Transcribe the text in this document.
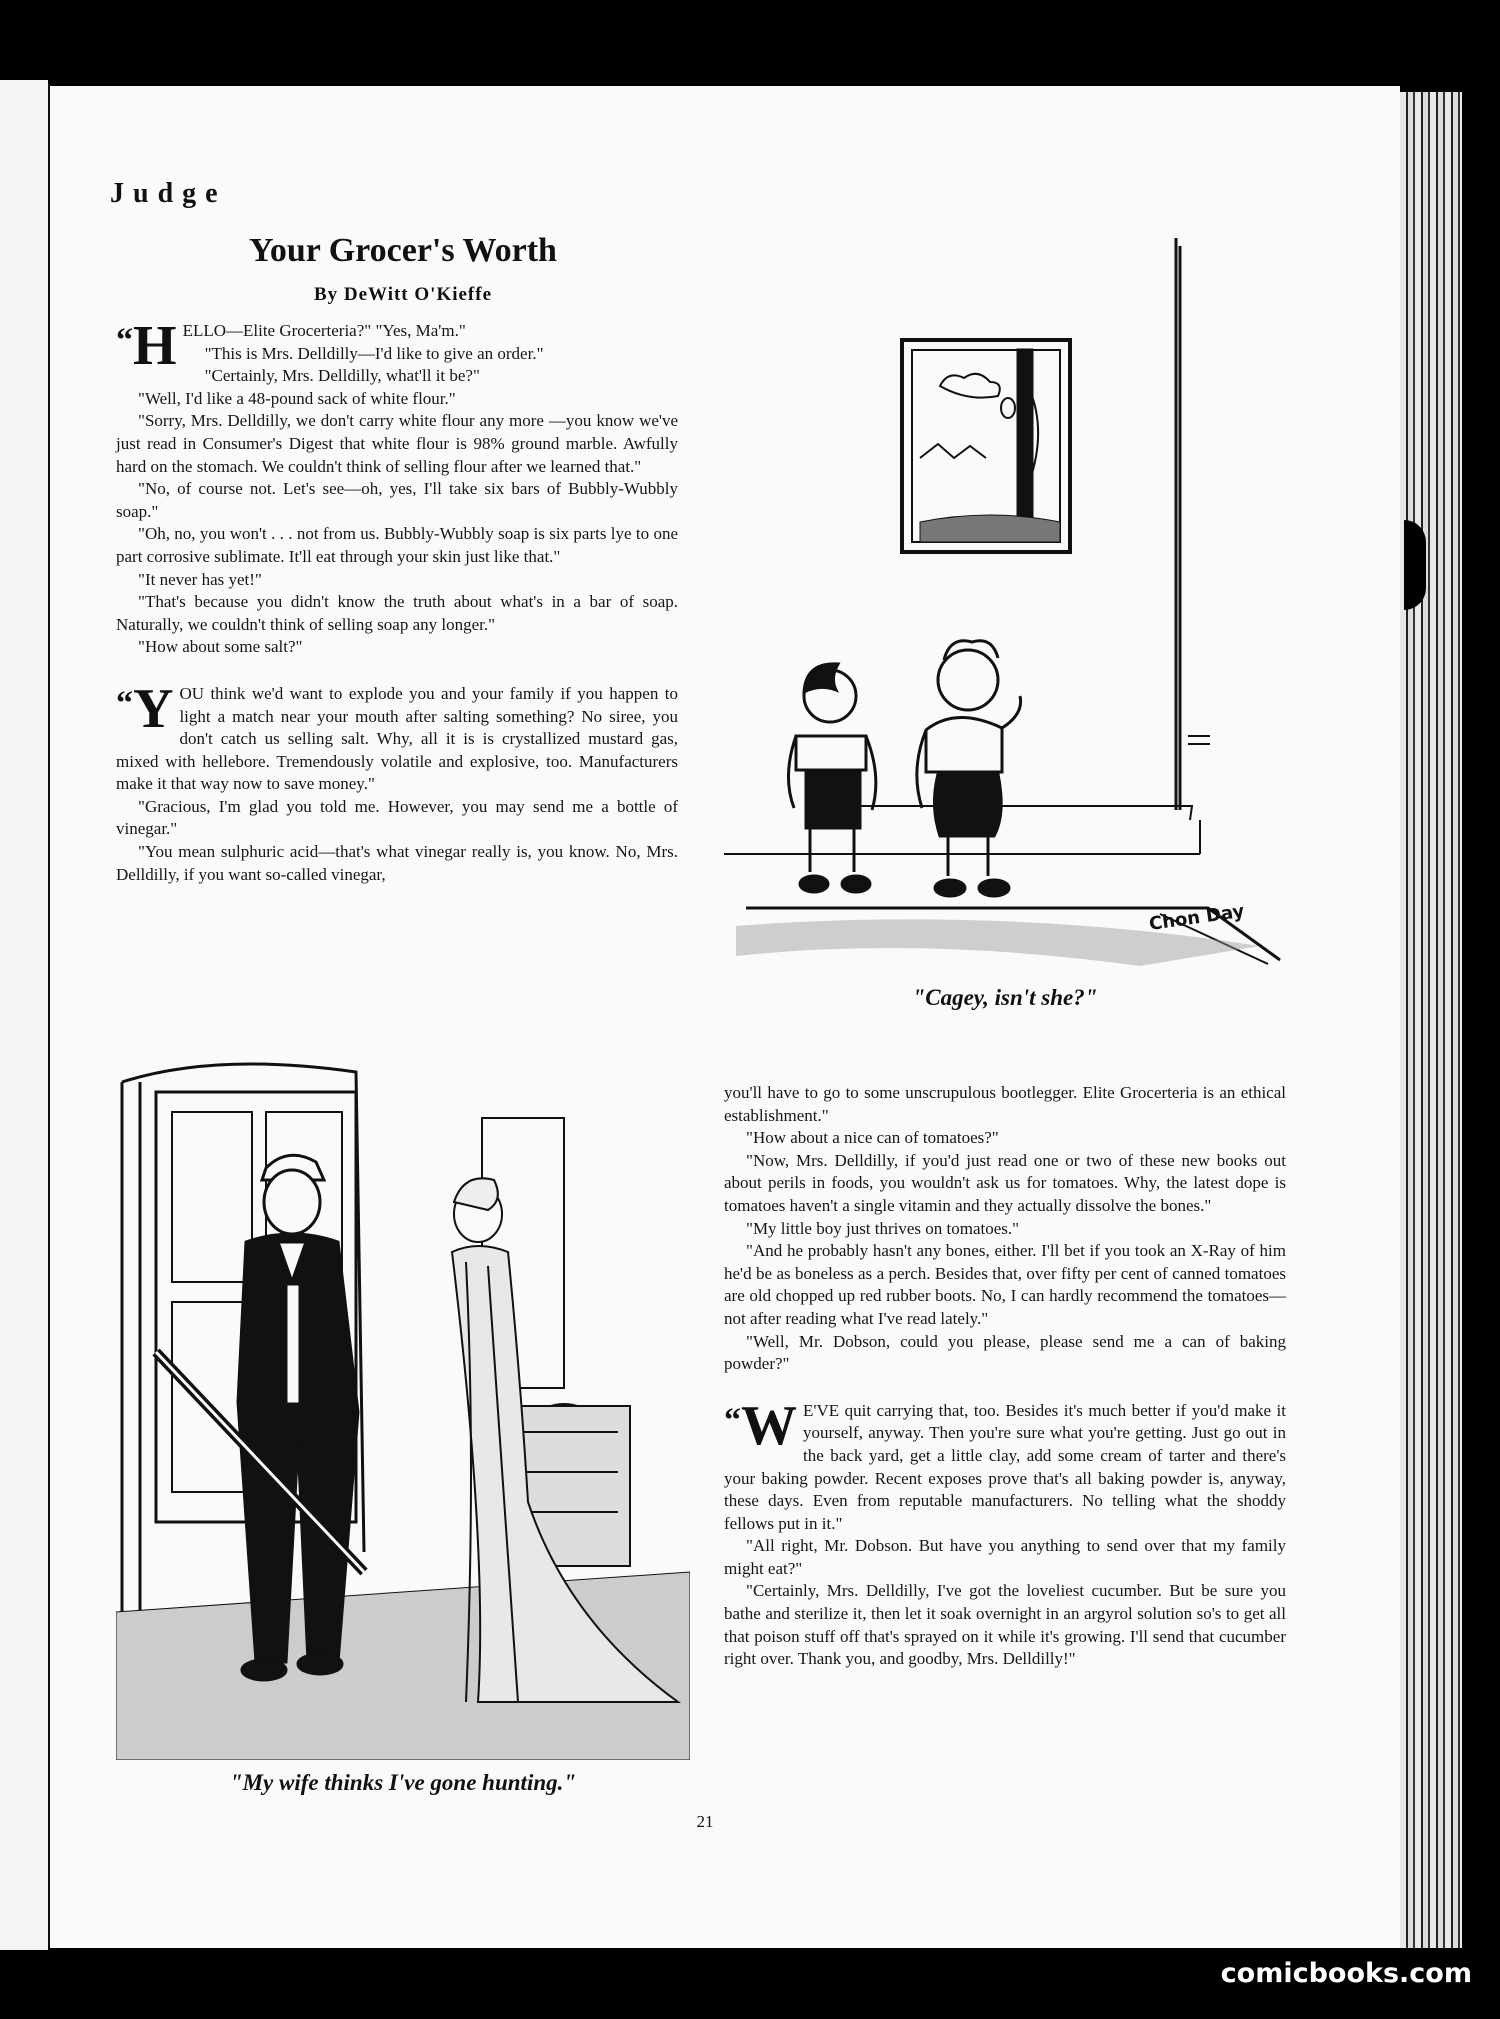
Judge
Your Grocer's Worth
By DeWitt O'Kieffe

“H ELLO—Elite Grocerteria?" "Yes, Ma'm."

"This is Mrs. Delldilly—I'd like to give an order."

"Certainly, Mrs. Delldilly, what'll it be?"

"Well, I'd like a 48-pound sack of white flour."

"Sorry, Mrs. Delldilly, we don't carry white flour any more —you know we've just read in Consumer's Digest that white flour is 98% ground marble. Awfully hard on the stomach. We couldn't think of selling flour after we learned that."

"No, of course not. Let's see—oh, yes, I'll take six bars of Bubbly-Wubbly soap."

"Oh, no, you won't . . . not from us. Bubbly-Wubbly soap is six parts lye to one part corrosive sublimate. It'll eat through your skin just like that."

"It never has yet!"

"That's because you didn't know the truth about what's in a bar of soap. Naturally, we couldn't think of selling soap any longer."

"How about some salt?"

“Y OU think we'd want to explode you and your family if you happen to light a match near your mouth after salting something? No siree, you don't catch us selling salt. Why, all it is is crystallized mustard gas, mixed with hellebore. Tremendously volatile and explosive, too. Manufacturers make it that way now to save money."

"Gracious, I'm glad you told me. However, you may send me a bottle of vinegar."

"You mean sulphuric acid—that's what vinegar really is, you know. No, Mrs. Delldilly, if you want so-called vinegar,

you'll have to go to some unscrupulous bootlegger. Elite Grocerteria is an ethical establishment."

"How about a nice can of tomatoes?"

"Now, Mrs. Delldilly, if you'd just read one or two of these new books out about perils in foods, you wouldn't ask us for tomatoes. Why, the latest dope is tomatoes haven't a single vitamin and they actually dissolve the bones."

"My little boy just thrives on tomatoes."

"And he probably hasn't any bones, either. I'll bet if you took an X-Ray of him he'd be as boneless as a perch. Besides that, over fifty per cent of canned tomatoes are old chopped up red rubber boots. No, I can hardly recommend the tomatoes—not after reading what I've read lately."

"Well, Mr. Dobson, could you please, please send me a can of baking powder?"

“W E'VE quit carrying that, too. Besides it's much better if you'd make it yourself, anyway. Then you're sure what you're getting. Just go out in the back yard, get a little clay, add some cream of tarter and there's your baking powder. Recent exposes prove that's all baking powder is, anyway, these days. Even from reputable manufacturers. No telling what the shoddy fellows put in it."

"All right, Mr. Dobson. But have you anything to send over that my family might eat?"

"Certainly, Mrs. Delldilly, I've got the loveliest cucumber. But be sure you bathe and sterilize it, then let it soak overnight in an argyrol solution so's to get all that poison stuff off that's sprayed on it while it's growing. I'll send that cucumber right over. Thank you, and goodby, Mrs. Delldilly!"

Chon Day

"Cagey, isn't she?"

"My wife thinks I've gone hunting."

21
comicbooks.com
